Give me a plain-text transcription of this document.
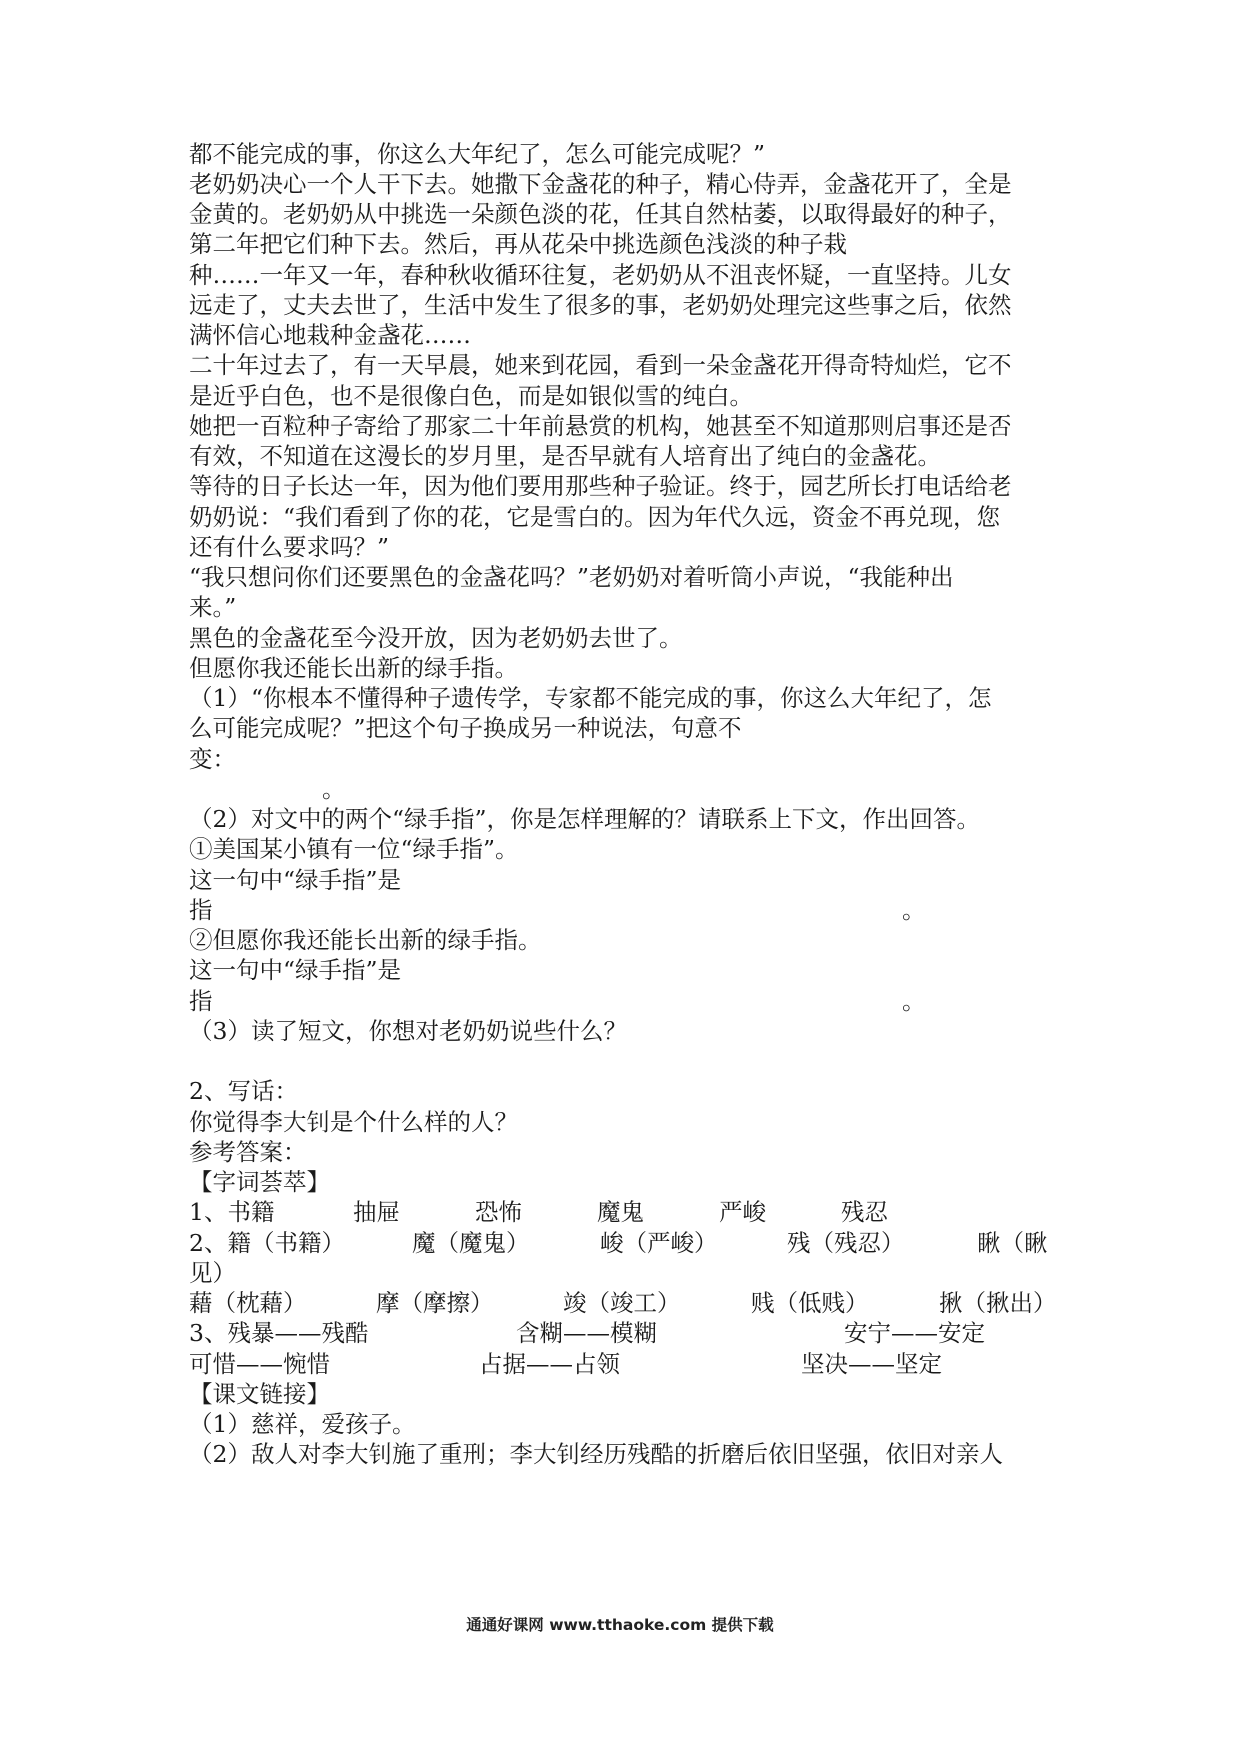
都不能完成的事，你这么大年纪了，怎么可能完成呢？”
老奶奶决心一个人干下去。她撒下金盏花的种子，精心侍弄，金盏花开了，全是
金黄的。老奶奶从中挑选一朵颜色淡的花，任其自然枯萎，以取得最好的种子，
第二年把它们种下去。然后，再从花朵中挑选颜色浅淡的种子栽
种……一年又一年，春种秋收循环往复，老奶奶从不沮丧怀疑，一直坚持。儿女
远走了，丈夫去世了，生活中发生了很多的事，老奶奶处理完这些事之后，依然
满怀信心地栽种金盏花……
二十年过去了，有一天早晨，她来到花园，看到一朵金盏花开得奇特灿烂，它不
是近乎白色，也不是很像白色，而是如银似雪的纯白。
她把一百粒种子寄给了那家二十年前悬赏的机构，她甚至不知道那则启事还是否
有效，不知道在这漫长的岁月里，是否早就有人培育出了纯白的金盏花。
等待的日子长达一年，因为他们要用那些种子验证。终于，园艺所长打电话给老
奶奶说：“我们看到了你的花，它是雪白的。因为年代久远，资金不再兑现，您
还有什么要求吗？”
“我只想问你们还要黑色的金盏花吗？”老奶奶对着听筒小声说，“我能种出
来。”
黑色的金盏花至今没开放，因为老奶奶去世了。
但愿你我还能长出新的绿手指。
（1）“你根本不懂得种子遗传学，专家都不能完成的事，你这么大年纪了，怎
么可能完成呢？”把这个句子换成另一种说法，句意不
变：
。
（2）对文中的两个“绿手指”，你是怎样理解的？请联系上下文，作出回答。
①美国某小镇有一位“绿手指”。
这一句中“绿手指”是
指	。
②但愿你我还能长出新的绿手指。
这一句中“绿手指”是
指	。
（3）读了短文，你想对老奶奶说些什么？
2、写话：
你觉得李大钊是个什么样的人？
参考答案：
【字词荟萃】
1、书籍	抽屉	恐怖	魔鬼	严峻	残忍
2、籍（书籍）	魔（魔鬼）	峻（严峻）	残（残忍）	瞅（瞅
见）
藉（枕藉）	摩（摩擦）	竣（竣工）	贱（低贱）	揪（揪出）
3、残暴——残酷	含糊——模糊	安宁——安定
可惜——惋惜	占据——占领	坚决——坚定
【课文链接】
（1）慈祥，爱孩子。
（2）敌人对李大钊施了重刑；李大钊经历残酷的折磨后依旧坚强，依旧对亲人
通通好课网 www.tthaoke.com 提供下载
